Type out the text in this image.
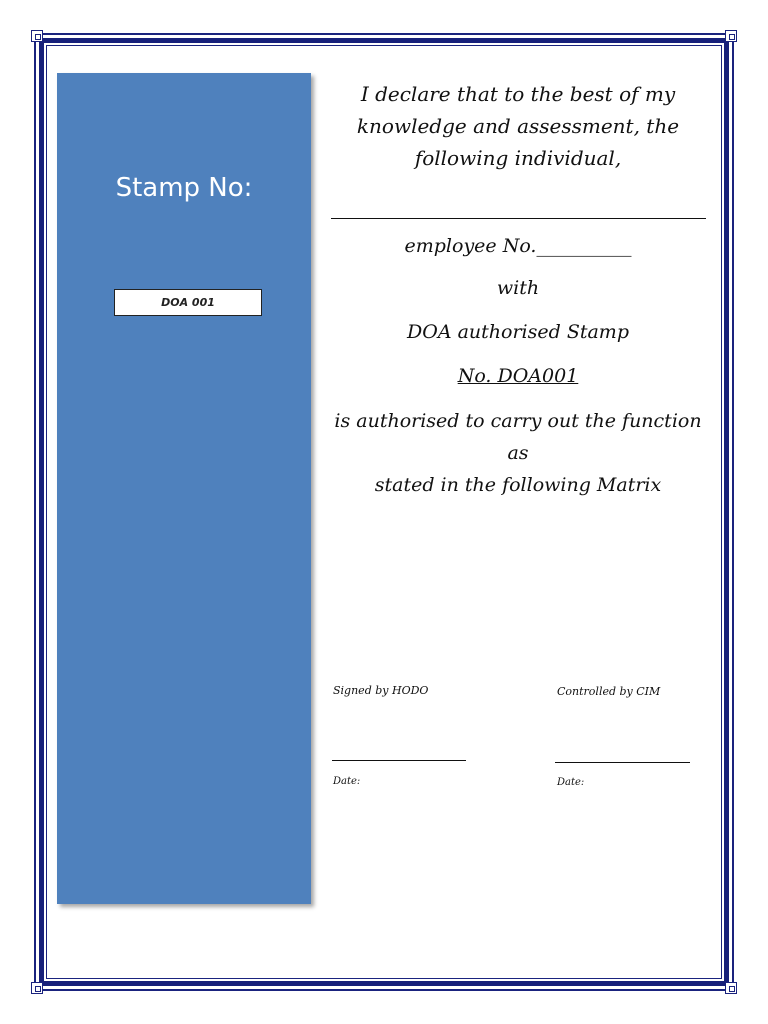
Stamp No:
DOA 001
I declare that to the best of my
knowledge and assessment, the
following individual,
employee No.__________
with
DOA authorised Stamp
No. DOA001
is authorised to carry out the function as
stated in the following Matrix
Signed by HODO	Controlled by CIM
Date:	Date:
